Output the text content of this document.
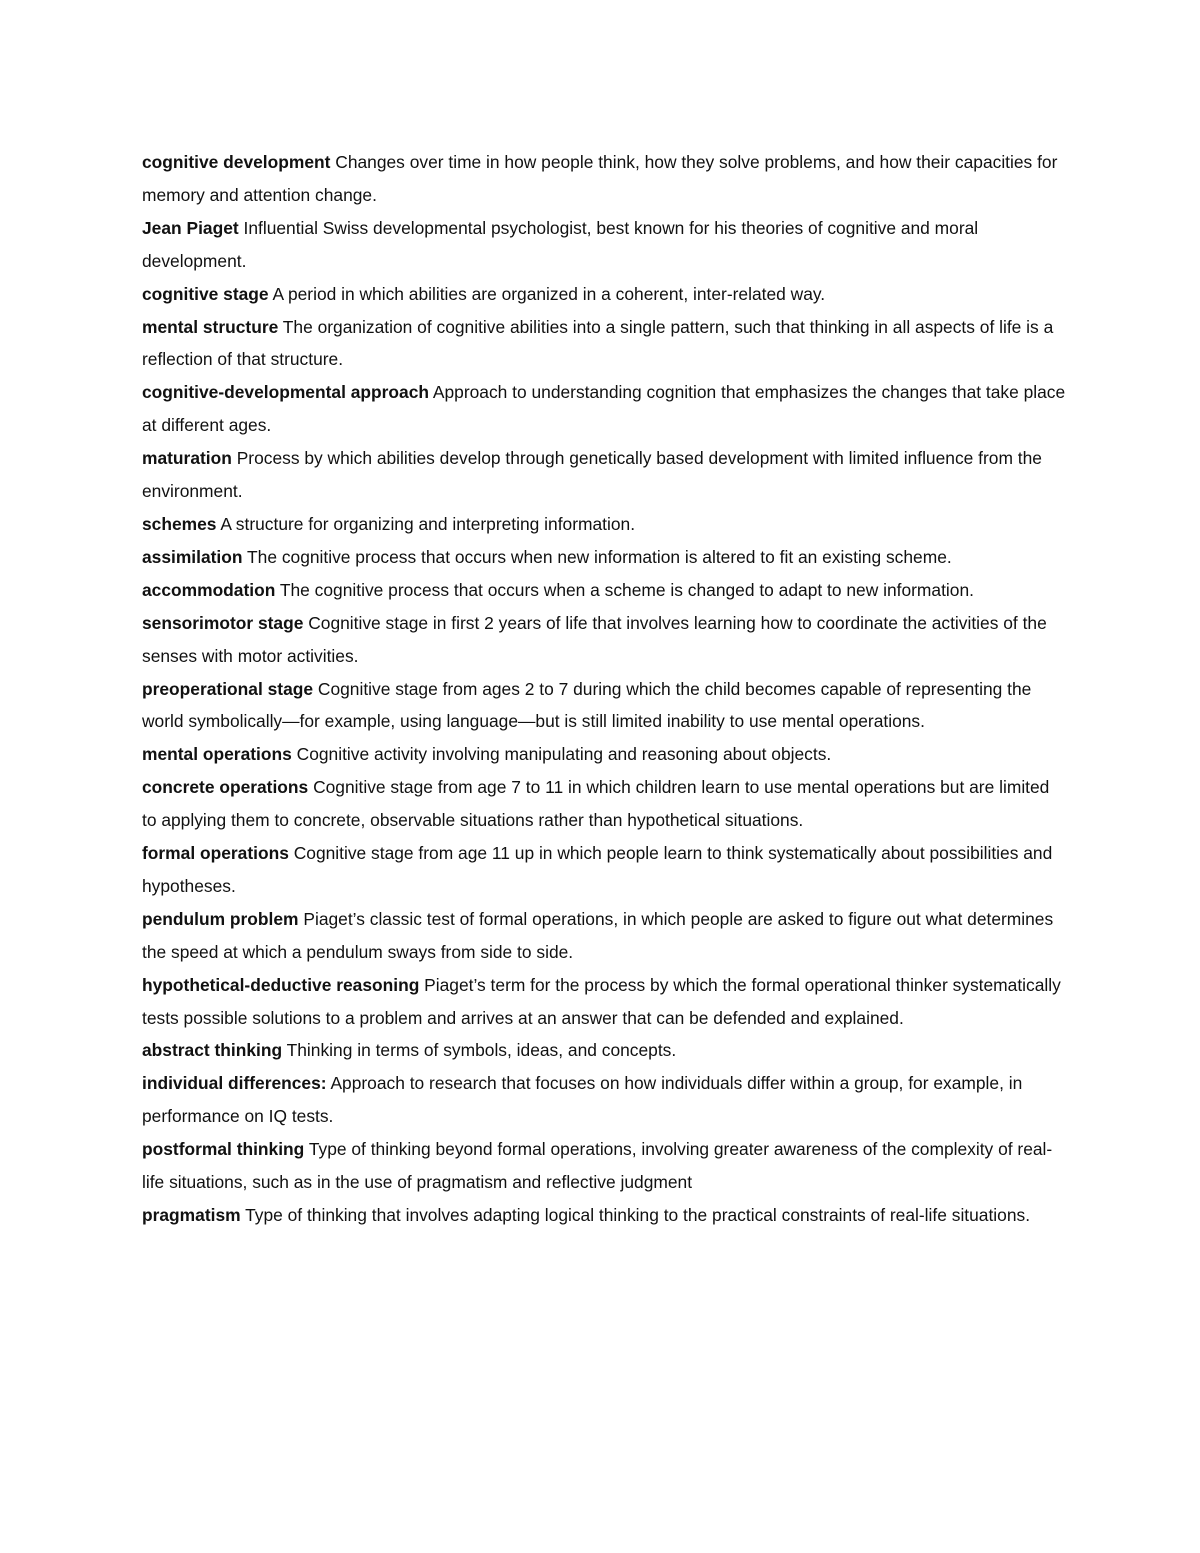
cognitive development Changes over time in how people think, how they solve problems, and how their capacities for memory and attention change.

Jean Piaget Influential Swiss developmental psychologist, best known for his theories of cognitive and moral development.

cognitive stage A period in which abilities are organized in a coherent, inter-related way.

mental structure The organization of cognitive abilities into a single pattern, such that thinking in all aspects of life is a reflection of that structure.

cognitive-developmental approach Approach to understanding cognition that emphasizes the changes that take place at different ages.

maturation Process by which abilities develop through genetically based development with limited influence from the environment.

schemes A structure for organizing and interpreting information.

assimilation The cognitive process that occurs when new information is altered to fit an existing scheme.

accommodation The cognitive process that occurs when a scheme is changed to adapt to new information.

sensorimotor stage Cognitive stage in first 2 years of life that involves learning how to coordinate the activities of the senses with motor activities.

preoperational stage Cognitive stage from ages 2 to 7 during which the child becomes capable of representing the world symbolically—for example, using language—but is still limited inability to use mental operations.

mental operations Cognitive activity involving manipulating and reasoning about objects.

concrete operations Cognitive stage from age 7 to 11 in which children learn to use mental operations but are limited to applying them to concrete, observable situations rather than hypothetical situations.

formal operations Cognitive stage from age 11 up in which people learn to think systematically about possibilities and hypotheses.

pendulum problem Piaget’s classic test of formal operations, in which people are asked to figure out what determines the speed at which a pendulum sways from side to side.

hypothetical-deductive reasoning Piaget’s term for the process by which the formal operational thinker systematically tests possible solutions to a problem and arrives at an answer that can be defended and explained.

abstract thinking Thinking in terms of symbols, ideas, and concepts.

individual differences: Approach to research that focuses on how individuals differ within a group, for example, in performance on IQ tests.

postformal thinking Type of thinking beyond formal operations, involving greater awareness of the complexity of real-life situations, such as in the use of pragmatism and reflective judgment

pragmatism Type of thinking that involves adapting logical thinking to the practical constraints of real-life situations.
